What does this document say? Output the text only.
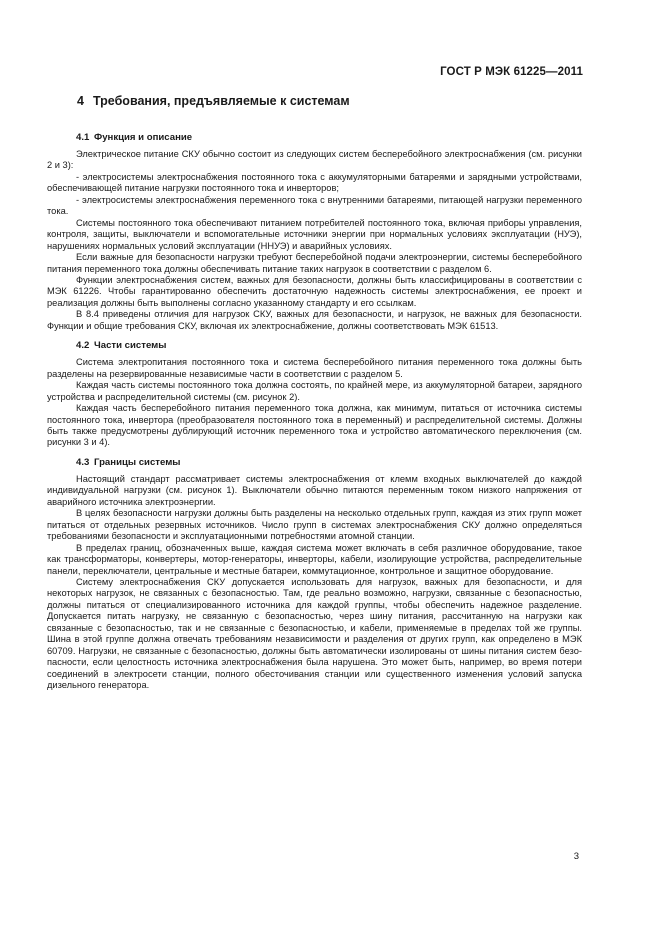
ГОСТ Р МЭК 61225—2011
4 Требования, предъявляемые к системам
4.1 Функция и описание

Электрическое питание СКУ обычно состоит из следующих систем бесперебойного электроснабжения (см. рисунки 2 и 3):

- электросистемы электроснабжения постоянного тока с аккумуляторными батареями и зарядными устройствами, обеспечивающей питание нагрузки постоянного тока и инверторов;

- электросистемы электроснабжения переменного тока с внутренними батареями, питающей нагрузки переменного тока.

Системы постоянного тока обеспечивают питанием потребителей постоянного тока, включая приборы управления, контроля, защиты, выключатели и вспомогательные источники энергии при нормальных условиях эксплуатации (НУЭ), нарушениях нормальных условий эксплуатации (ННУЭ) и аварийных условиях.

Если важные для безопасности нагрузки требуют бесперебойной подачи электроэнергии, системы бесперебойного питания переменного тока должны обеспечивать питание таких нагрузок в соответствии с разделом 6.

Функции электроснабжения систем, важных для безопасности, должны быть классифицированы в соответствии с МЭК 61226. Чтобы гарантированно обеспечить достаточную надежность системы электроснабжения, ее проект и реализация должны быть выполнены согласно указанному стандарту и его ссылкам.

В 8.4 приведены отличия для нагрузок СКУ, важных для безопасности, и нагрузок, не важных для безопасности. Функции и общие требования СКУ, включая их электроснабжение, должны соответствовать МЭК 61513.

4.2 Части системы

Система электропитания постоянного тока и система бесперебойного питания переменного тока должны быть разделены на резервированные независимые части в соответствии с разделом 5.

Каждая часть системы постоянного тока должна состоять, по крайней мере, из аккумуляторной батареи, зарядного устройства и распределительной системы (см. рисунок 2).

Каждая часть бесперебойного питания переменного тока должна, как минимум, питаться от источника системы постоянного тока, инвертора (преобразователя постоянного тока в переменный) и распределительной системы. Должны быть также предусмотрены дублирующий источник переменного тока и устройство автоматического переключения (см. рисунки 3 и 4).

4.3 Границы системы

Настоящий стандарт рассматривает системы электроснабжения от клемм входных выключателей до каждой индивидуальной нагрузки (см. рисунок 1). Выключатели обычно питаются переменным током низкого напряжения от аварийного источника электроэнергии.

В целях безопасности нагрузки должны быть разделены на несколько отдельных групп, каждая из этих групп может питаться от отдельных резервных источников. Число групп в системах электроснабжения СКУ должно определяться требованиями безопасности и эксплуатационными потребностями атомной станции.

В пределах границ, обозначенных выше, каждая система может включать в себя различное оборудование, такое как трансформаторы, конвертеры, мотор-генераторы, инверторы, кабели, изолирующие устройства, распределительные панели, переключатели, центральные и местные батареи, коммутационное, контрольное и защитное оборудование.

Систему электроснабжения СКУ допускается использовать для нагрузок, важных для безопасности, и для некоторых нагрузок, не связанных с безопасностью. Там, где реально возможно, нагрузки, связанные с безопасностью, должны питаться от специализированного источника для каждой группы, чтобы обеспечить надежное разделение. Допускается питать нагрузку, не связанную с безопасностью, через шину питания, рассчитанную на нагрузки как связанные с безопасностью, так и не связанные с безопасностью, и кабели, применяемые в пределах той же группы. Шина в этой группе должна отвечать требованиям независимости и разделения от других групп, как определено в МЭК 60709. Нагрузки, не связанные с безопасностью, должны быть автоматически изолированы от шины питания систем безопасности, если целостность источника электроснабжения была нарушена. Это может быть, например, во время потери соединений в электросети станции, полного обесточивания станции или существенного изменения условий запуска дизельного генератора.

3
